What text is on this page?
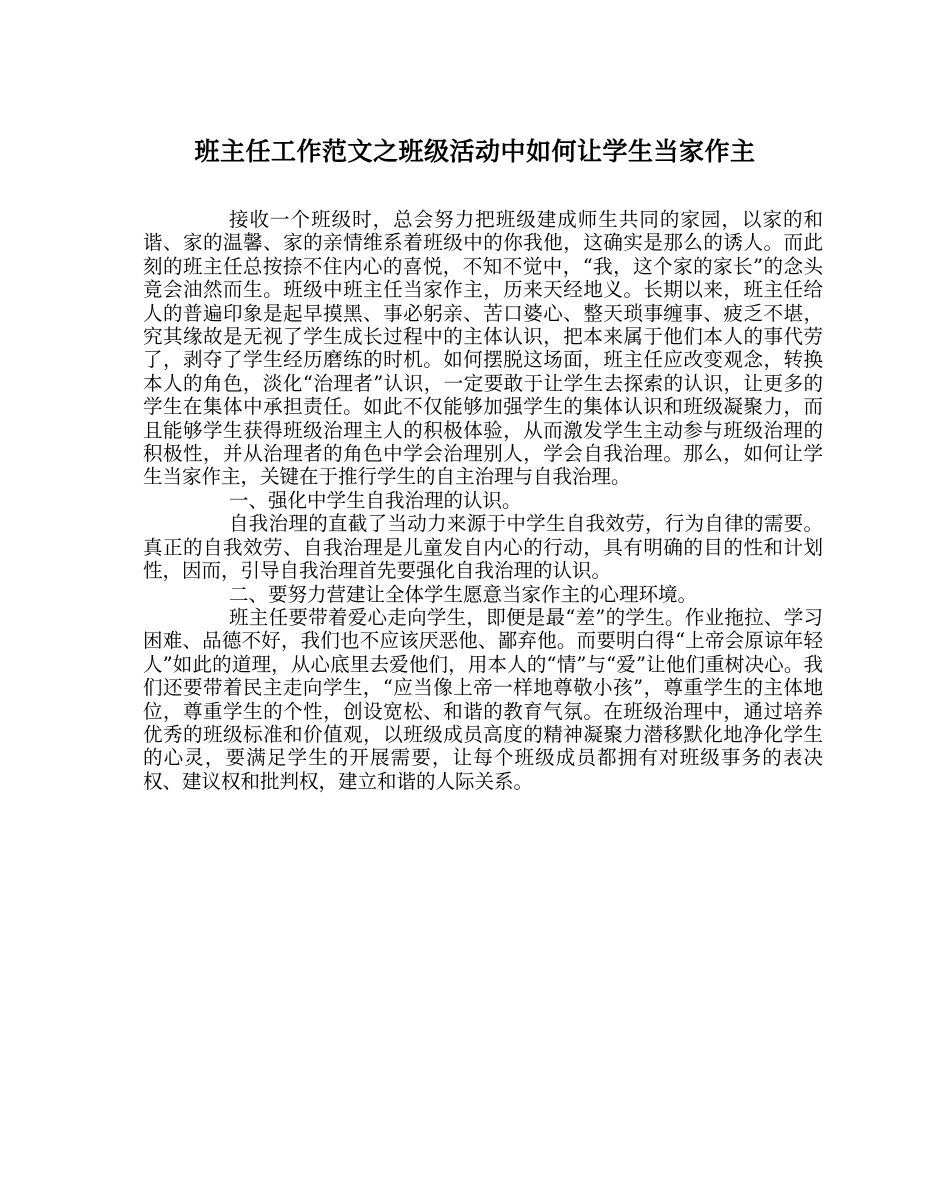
班主任工作范文之班级活动中如何让学生当家作主

接收一个班级时，总会努力把班级建成师生共同的家园，以家的和谐、家的温馨、家的亲情维系着班级中的你我他，这确实是那么的诱人。而此刻的班主任总按捺不住内心的喜悦，不知不觉中，“我，这个家的家长”的念头竟会油然而生。班级中班主任当家作主，历来天经地义。长期以来，班主任给人的普遍印象是起早摸黑、事必躬亲、苦口婆心、整天琐事缠事、疲乏不堪，究其缘故是无视了学生成长过程中的主体认识，把本来属于他们本人的事代劳了，剥夺了学生经历磨练的时机。如何摆脱这场面，班主任应改变观念，转换本人的角色，淡化“治理者”认识，一定要敢于让学生去探索的认识，让更多的学生在集体中承担责任。如此不仅能够加强学生的集体认识和班级凝聚力，而且能够学生获得班级治理主人的积极体验，从而激发学生主动参与班级治理的积极性，并从治理者的角色中学会治理别人，学会自我治理。那么，如何让学生当家作主，关键在于推行学生的自主治理与自我治理。

一、强化中学生自我治理的认识。

自我治理的直截了当动力来源于中学生自我效劳，行为自律的需要。真正的自我效劳、自我治理是儿童发自内心的行动，具有明确的目的性和计划性，因而，引导自我治理首先要强化自我治理的认识。

二、要努力营建让全体学生愿意当家作主的心理环境。

班主任要带着爱心走向学生，即便是最“差”的学生。作业拖拉、学习困难、品德不好，我们也不应该厌恶他、鄙弃他。而要明白得“上帝会原谅年轻人”如此的道理，从心底里去爱他们，用本人的“情”与“爱”让他们重树决心。我们还要带着民主走向学生，“应当像上帝一样地尊敬小孩”，尊重学生的主体地位，尊重学生的个性，创设宽松、和谐的教育气氛。在班级治理中，通过培养优秀的班级标准和价值观，以班级成员高度的精神凝聚力潜移默化地净化学生的心灵，要满足学生的开展需要，让每个班级成员都拥有对班级事务的表决权、建议权和批判权，建立和谐的人际关系。
